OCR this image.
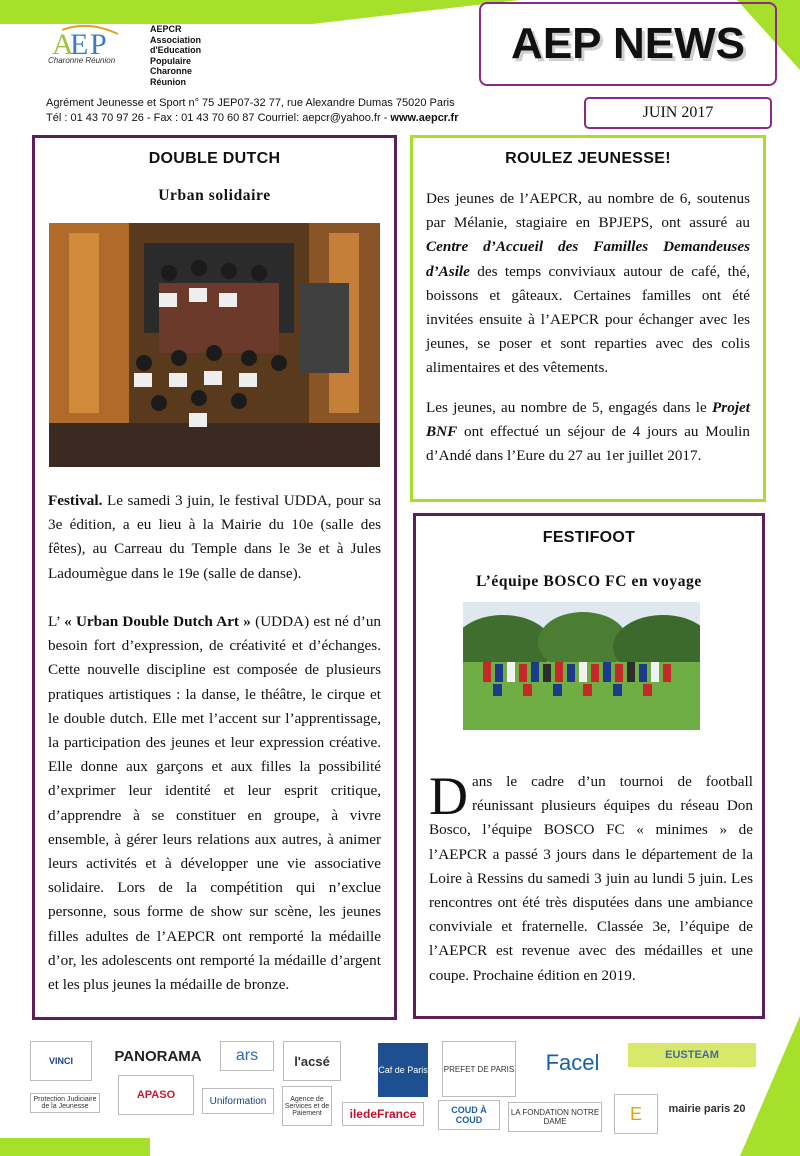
A
E P
Charonne Réunion
AEPCR
Association
d'Education
Populaire
Charonne
Réunion
AEP NEWS
JUIN 2017
Agrément Jeunesse et Sport n° 75 JEP07-32 77, rue Alexandre Dumas 75020 Paris
Tél : 01 43 70 97 26 - Fax : 01 43 70 60 87 Courriel: aepcr@yahoo.fr - www.aepcr.fr
DOUBLE DUTCH
Urban solidaire
Festival. Le samedi 3 juin, le festival UDDA, pour sa 3e édition, a eu lieu à la Mairie du 10e (salle des fêtes), au Carreau du Temple dans le 3e et à Jules Ladoumègue dans le 19e (salle de danse).
L’ « Urban Double Dutch Art » (UDDA) est né d’un besoin fort d’expression, de créativité et d’échanges. Cette nouvelle discipline est composée de plusieurs pratiques artistiques : la danse, le théâtre, le cirque et le double dutch. Elle met l’accent sur l’apprentissage, la participation des jeunes et leur expression créative. Elle donne aux garçons et aux filles la possibilité d’exprimer leur identité et leur esprit critique, d’apprendre à se constituer en groupe, à vivre ensemble, à gérer leurs relations aux autres, à animer leurs activités et à développer une vie associative solidaire. Lors de la compétition qui n’exclue personne, sous forme de show sur scène, les jeunes filles adultes de l’AEPCR ont remporté la médaille d’or, les adolescents ont remporté la médaille d’argent et les plus jeunes la médaille de bronze.
ROULEZ JEUNESSE!
Des jeunes de l’AEPCR, au nombre de 6, soutenus par Mélanie, stagiaire en BPJEPS, ont assuré au Centre d’Accueil des Familles Demandeuses d’Asile des temps conviviaux autour de café, thé, boissons et gâteaux. Certaines familles ont été invitées ensuite à l’AEPCR pour échanger avec les jeunes, se poser et sont reparties avec des colis alimentaires et des vêtements.
Les jeunes, au nombre de 5, engagés dans le Projet BNF ont effectué un séjour de 4 jours au Moulin d’Andé dans l’Eure du 27 au 1er juillet 2017.
FESTIFOOT
L’équipe BOSCO FC en voyage
Dans le cadre d’un tournoi de football réunissant plusieurs équipes du réseau Don Bosco, l’équipe BOSCO FC « minimes » de l’AEPCR a passé 3 jours dans le département de la Loire à Ressins du samedi 3 juin au lundi 5 juin. Les rencontres ont été très disputées dans une ambiance conviviale et fraternelle. Classée 3e, l’équipe de l’AEPCR est revenue avec des médailles et une coupe. Prochaine édition en 2019.
VINCI	PANORAMA ars	l'acsé
Caf de Paris PREFET DE PARIS Facel	EUSTEAM
Protection Judiciaire de la Jeunesse
APASO	Uniformation	Agence de Services et de Paiement	iledeFrance	COUD À COUD
LA FONDATION NOTRE DAME	E mairie paris 20
